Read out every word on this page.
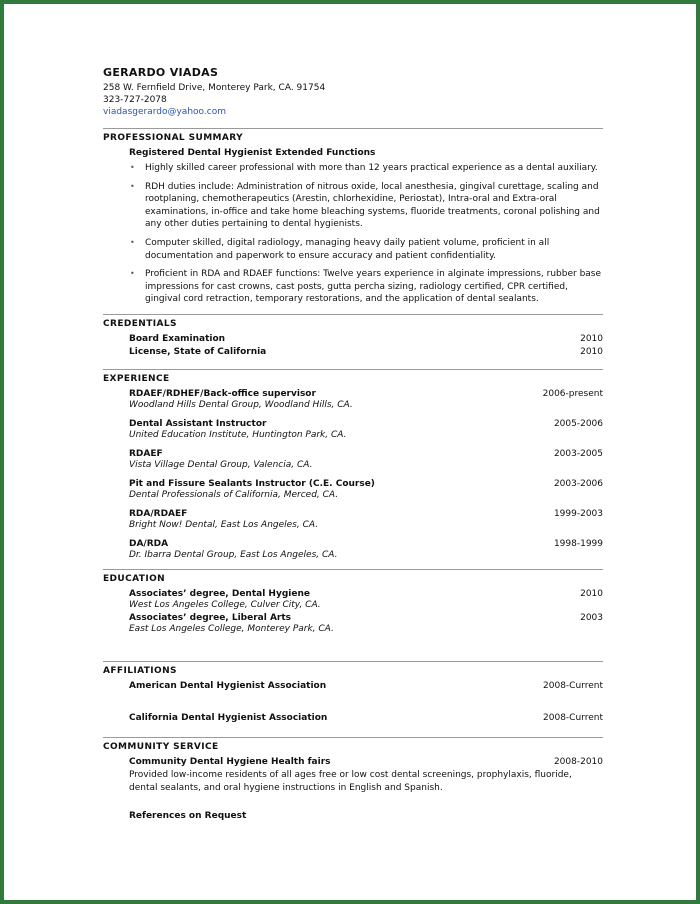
GERARDO VIADAS
258 W. Fernfield Drive, Monterey Park, CA. 91754
323-727-2078
viadasgerardo@yahoo.com
PROFESSIONAL SUMMARY
Registered Dental Hygienist Extended Functions
• Highly skilled career professional with more than 12 years practical experience as a dental auxiliary.
• RDH duties include: Administration of nitrous oxide, local anesthesia, gingival curettage, scaling and rootplaning, chemotherapeutics (Arestin, chlorhexidine, Periostat), Intra-oral and Extra-oral examinations, in-office and take home bleaching systems, fluoride treatments, coronal polishing and any other duties pertaining to dental hygienists.
• Computer skilled, digital radiology, managing heavy daily patient volume, proficient in all documentation and paperwork to ensure accuracy and patient confidentiality.
• Proficient in RDA and RDAEF functions: Twelve years experience in alginate impressions, rubber base impressions for cast crowns, cast posts, gutta percha sizing, radiology certified, CPR certified, gingival cord retraction, temporary restorations, and the application of dental sealants.
CREDENTIALS
Board Examination	2010
License, State of California	2010
EXPERIENCE
RDAEF/RDHEF/Back-office supervisor	2006-present
Woodland Hills Dental Group, Woodland Hills, CA.
Dental Assistant Instructor	2005-2006
United Education Institute, Huntington Park, CA.
RDAEF	2003-2005
Vista Village Dental Group, Valencia, CA.
Pit and Fissure Sealants Instructor (C.E. Course)	2003-2006
Dental Professionals of California, Merced, CA.
RDA/RDAEF	1999-2003
Bright Now! Dental, East Los Angeles, CA.
DA/RDA	1998-1999
Dr. Ibarra Dental Group, East Los Angeles, CA.
EDUCATION
Associates’ degree, Dental Hygiene	2010
West Los Angeles College, Culver City, CA.
Associates’ degree, Liberal Arts	2003
East Los Angeles College, Monterey Park, CA.
AFFILIATIONS
American Dental Hygienist Association	2008-Current
California Dental Hygienist Association	2008-Current
COMMUNITY SERVICE
Community Dental Hygiene Health fairs	2008-2010
Provided low-income residents of all ages free or low cost dental screenings, prophylaxis, fluoride, dental sealants, and oral hygiene instructions in English and Spanish.
References on Request
